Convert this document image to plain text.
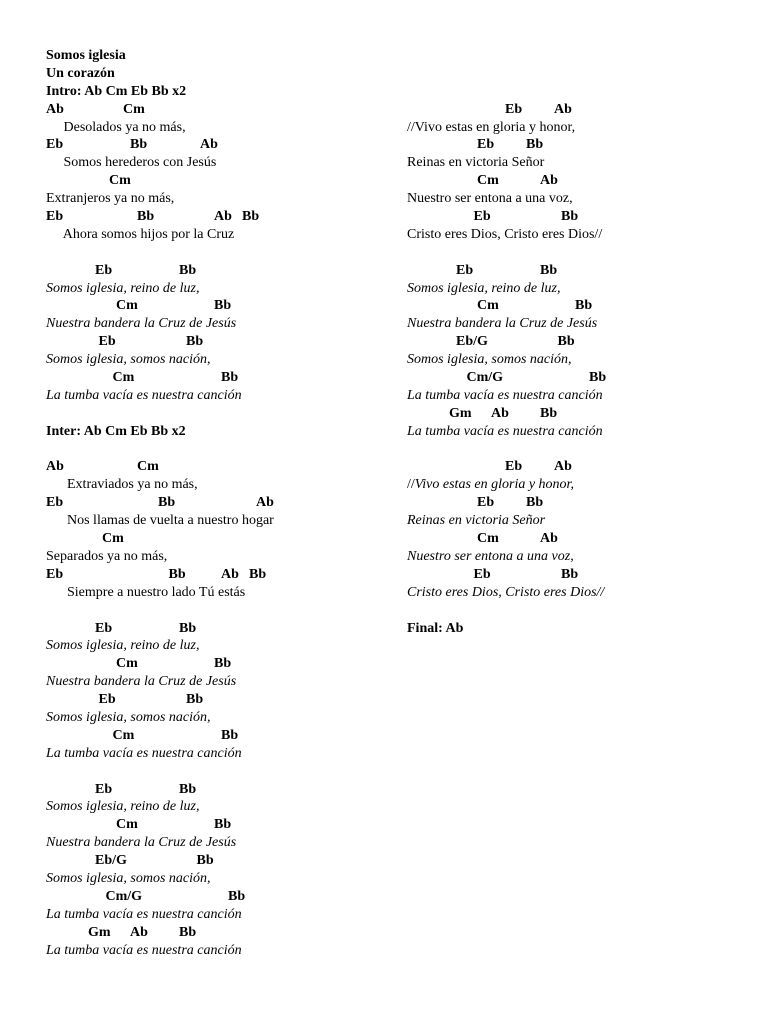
Somos iglesia
Un corazón
Intro: Ab Cm Eb Bb x2
Ab	Cm
Desolados ya no más,
Eb	Bb	Ab
Somos herederos con Jesús
Cm
Extranjeros ya no más,
Eb	Bb	Ab Bb
Ahora somos hijos por la Cruz
Eb	Bb
Somos iglesia, reino de luz,
Cm	Bb
Nuestra bandera la Cruz de Jesús
Eb	Bb
Somos iglesia, somos nación,
Cm	Bb
La tumba vacía es nuestra canción
Inter: Ab Cm Eb Bb x2
Ab	Cm
Extraviados ya no más,
Eb	Bb	Ab
Nos llamas de vuelta a nuestro hogar
Cm
Separados ya no más,
Eb	Bb	Ab Bb
Siempre a nuestro lado Tú estás
Eb	Bb
Somos iglesia, reino de luz,
Cm	Bb
Nuestra bandera la Cruz de Jesús
Eb	Bb
Somos iglesia, somos nación,
Cm	Bb
La tumba vacía es nuestra canción
Eb	Bb
Somos iglesia, reino de luz,
Cm	Bb
Nuestra bandera la Cruz de Jesús
Eb/G	Bb
Somos iglesia, somos nación,
Cm/G	Bb
La tumba vacía es nuestra canción
Gm Ab Bb
La tumba vacía es nuestra canción
Eb Ab
//Vivo estas en gloria y honor,
Eb Bb
Reinas en victoria Señor
Cm	Ab
Nuestro ser entona a una voz,
Eb	Bb
Cristo eres Dios, Cristo eres Dios//
Eb	Bb
Somos iglesia, reino de luz,
Cm	Bb
Nuestra bandera la Cruz de Jesús
Eb/G	Bb
Somos iglesia, somos nación,
Cm/G	Bb
La tumba vacía es nuestra canción
Gm Ab Bb
La tumba vacía es nuestra canción
Eb Ab
//Vivo estas en gloria y honor,
Eb Bb
Reinas en victoria Señor
Cm	Ab
Nuestro ser entona a una voz,
Eb	Bb
Cristo eres Dios, Cristo eres Dios//
Final: Ab
